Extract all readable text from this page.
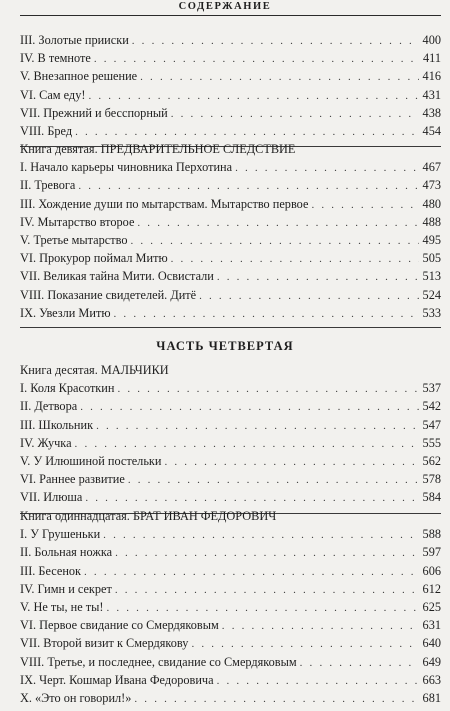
СОДЕРЖАНИЕ
III. Золотые прииски . . .	400
IV. В темноте . . .	411
V. Внезапное решение . . .	416
VI. Сам еду! . . .	431
VII. Прежний и бесспорный . . .	438
VIII. Бред . . .	454
Книга девятая. ПРЕДВАРИТЕЛЬНОЕ СЛЕДСТВИЕ
I. Начало карьеры чиновника Перхотина . . .	467
II. Тревога . . .	473
III. Хождение души по мытарствам. Мытарство первое . . .	480
IV. Мытарство второе . . .	488
V. Третье мытарство . . .	495
VI. Прокурор поймал Митю . . .	505
VII. Великая тайна Мити. Освистали . . .	513
VIII. Показание свидетелей. Дитё . . .	524
IX. Увезли Митю . . .	533
ЧАСТЬ ЧЕТВЕРТАЯ
Книга десятая. МАЛЬЧИКИ
I. Коля Красоткин . . .	537
II. Детвора . . .	542
III. Школьник . . .	547
IV. Жучка . . .	555
V. У Илюшиной постельки . . .	562
VI. Раннее развитие . . .	578
VII. Илюша . . .	584
Книга одиннадцатая. БРАТ ИВАН ФЕДОРОВИЧ
I. У Грушеньки . . .	588
II. Больная ножка . . .	597
III. Бесенок . . .	606
IV. Гимн и секрет . . .	612
V. Не ты, не ты! . . .	625
VI. Первое свидание со Смердяковым . . .	631
VII. Второй визит к Смердякову . . .	640
VIII. Третье, и последнее, свидание со Смердяковым . . .	649
IX. Черт. Кошмар Ивана Федоровича . . .	663
X. «Это он говорил!» . . .	681
